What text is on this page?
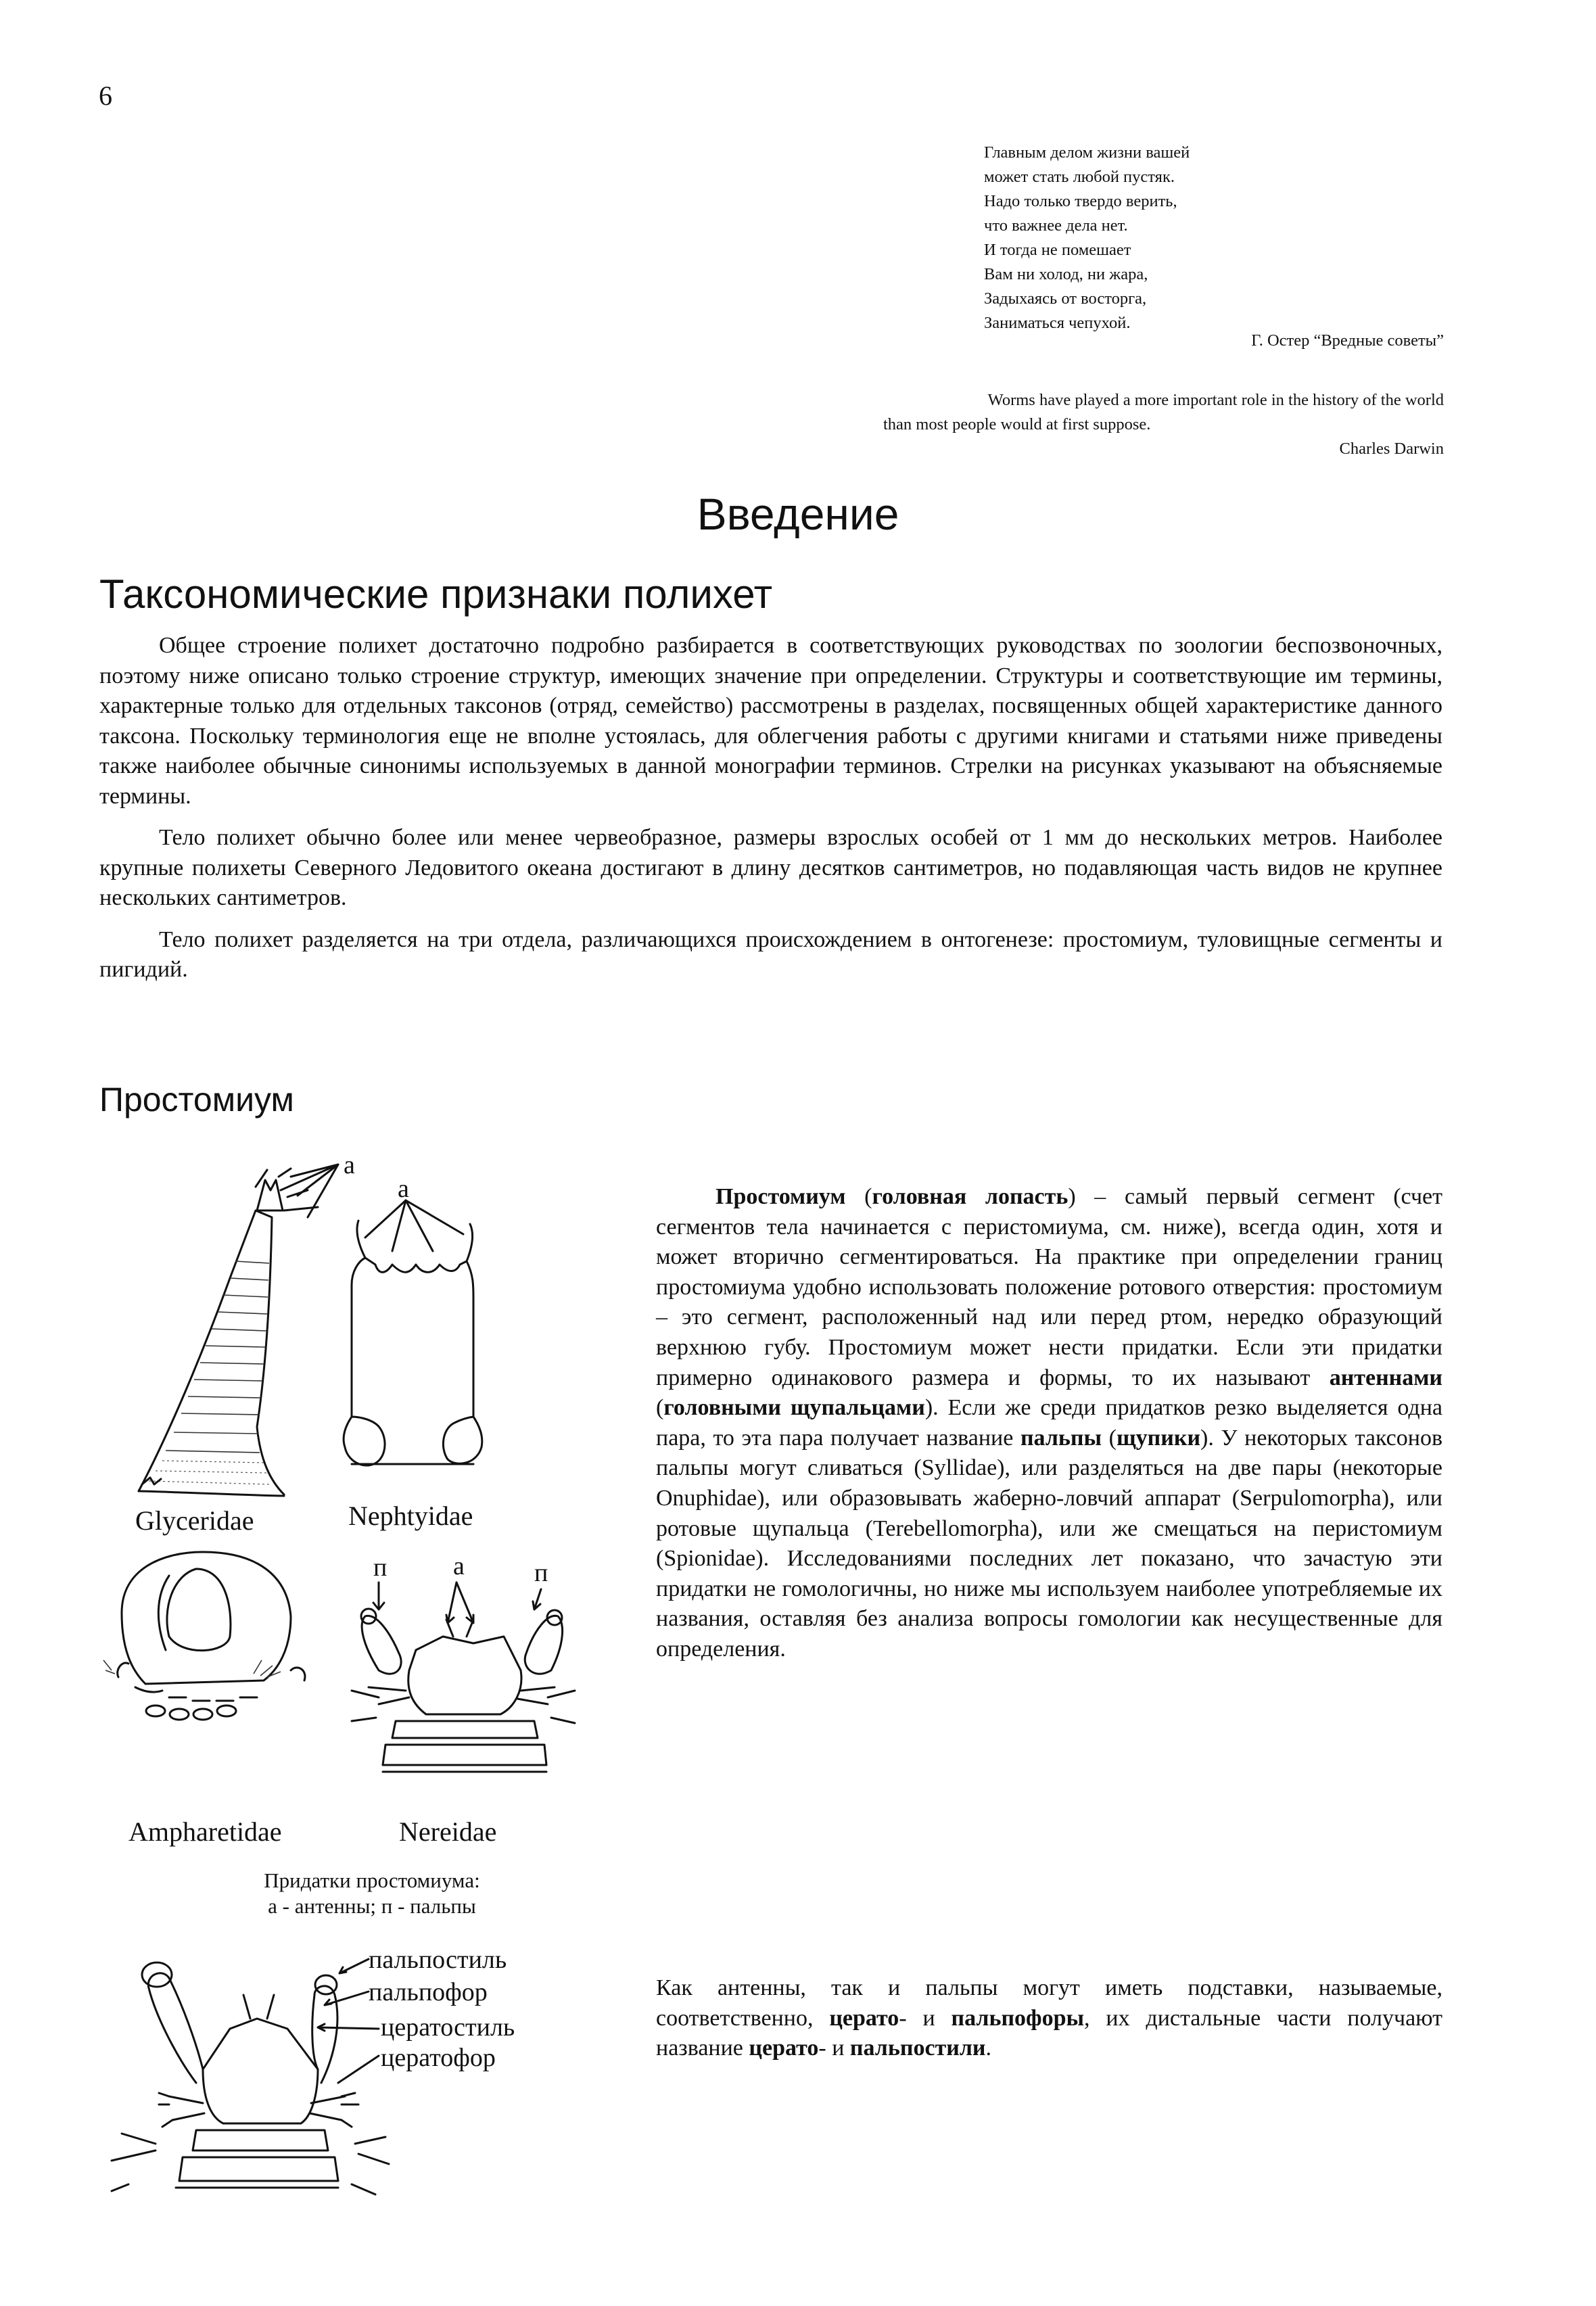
6
Главным делом жизни вашей
может стать любой пустяк.
Надо только твердо верить,
что важнее дела нет.
И тогда не помешает
Вам ни холод, ни жара,
Задыхаясь от восторга,
Заниматься чепухой.
Г. Остер “Вредные советы”
Worms have played a more important role in the history of the world
than most people would at first suppose.
Charles Darwin
Введение
Таксономические признаки полихет

Общее строение полихет достаточно подробно разбирается в соответствующих руководствах по зоологии беспозвоночных, поэтому ниже описано только строение структур, имеющих значение при определении. Структуры и соответствующие им термины, характерные только для отдельных таксонов (отряд, семейство) рассмотрены в разделах, посвященных общей характеристике данного таксона. Поскольку терминология еще не вполне устоялась, для облегчения работы с другими книгами и статьями ниже приведены также наиболее обычные синонимы используемых в данной монографии терминов. Стрелки на рисунках указывают на объясняемые термины.

Тело полихет обычно более или менее червеобразное, размеры взрослых особей от 1 мм до нескольких метров. Наиболее крупные полихеты Северного Ледовитого океана достигают в длину десятков сантиметров, но подавляющая часть видов не крупнее нескольких сантиметров.

Тело полихет разделяется на три отдела, различающихся происхождением в онтогенезе: простомиум, туловищные сегменты и пигидий.

Простомиум

Простомиум (головная лопасть) – самый первый сегмент (счет сегментов тела начинается с перистомиума, см. ниже), всегда один, хотя и может вторично сегментироваться. На практике при определении границ простомиума удобно использовать положение ротового отверстия: простомиум – это сегмент, расположенный над или перед ртом, нередко образующий верхнюю губу. Простомиум может нести придатки. Если эти придатки примерно одинакового размера и формы, то их называют антеннами (головными щупальцами). Если же среди придатков резко выделяется одна пара, то эта пара получает название пальпы (щупики). У некоторых таксонов пальпы могут сливаться (Syllidae), или разделяться на две пары (некоторые Onuphidae), или образовывать жаберно-ловчий аппарат (Serpulomorpha), или ротовые щупальца (Terebellomorpha), или же смещаться на перистомиум (Spionidae). Исследованиями последних лет показано, что зачастую эти придатки не гомологичны, но ниже мы используем наиболее употребляемые их названия, оставляя без анализа вопросы гомологии как несущественные для определения.

Как антенны, так и пальпы могут иметь подставки, называемые, соответственно, церато- и пальпофоры, их дистальные части получают название церато- и пальпостили.

а
Glyceridae
а
Nephtyidae
Ampharetidae
п	а	п
Nereidae
пальпостиль
пальпофор
цератостиль
цератофор
Придатки простомиума:
а - антенны; п - пальпы
